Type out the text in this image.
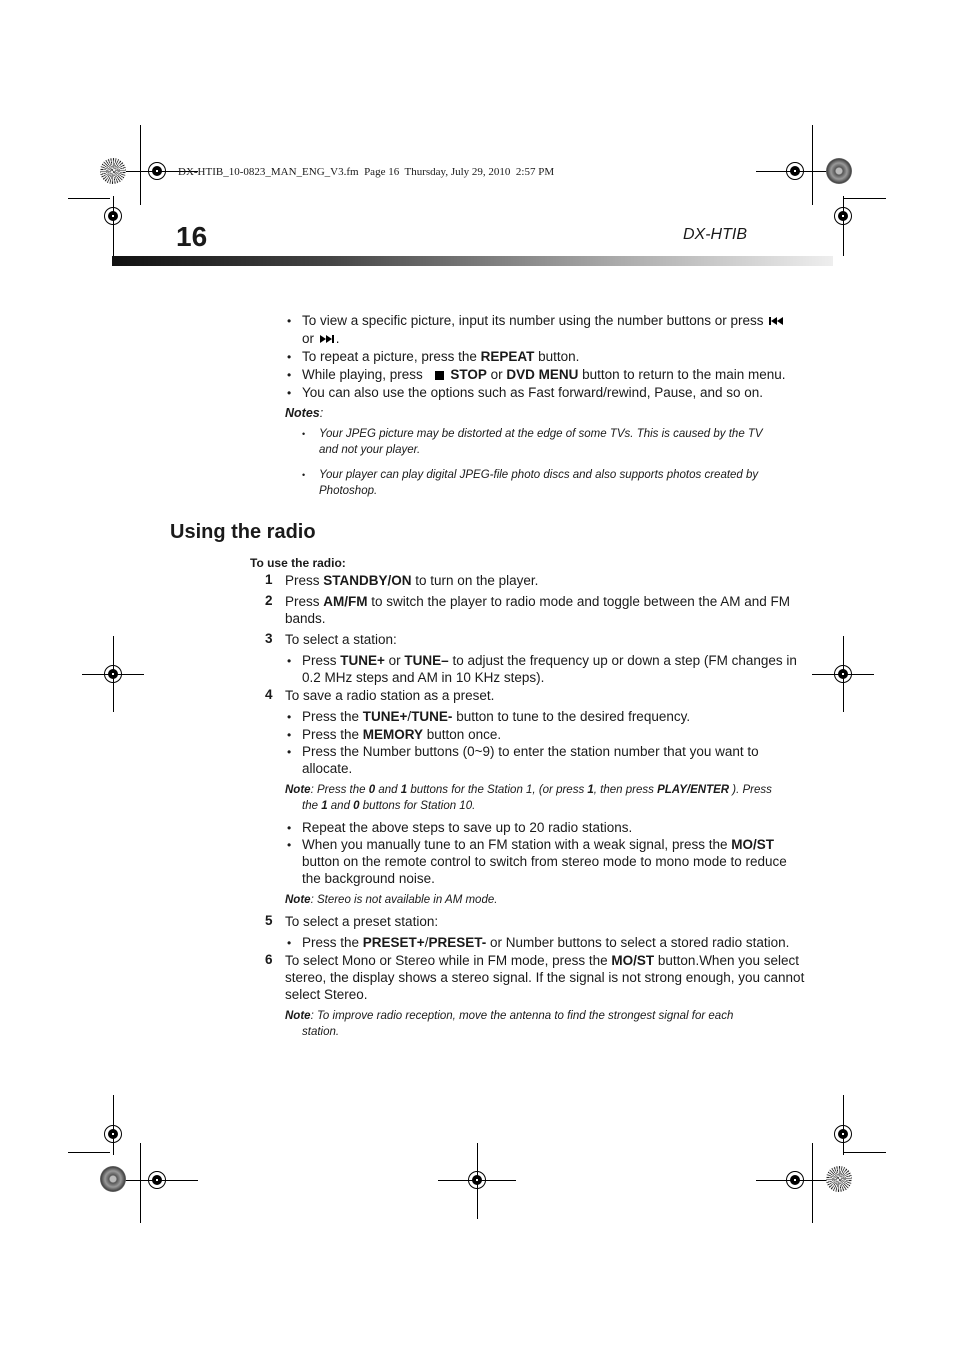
DX-HTIB_10-0823_MAN_ENG_V3.fm  Page 16  Thursday, July 29, 2010  2:57 PM
16	DX-HTIB
• To view a specific picture, input its number using the number buttons or press
or .
• To repeat a picture, press the REPEAT button.
• While playing, press STOP or DVD MENU button to return to the main menu.
• You can also use the options such as Fast forward/rewind, Pause, and so on.
Notes:
• Your JPEG picture may be distorted at the edge of some TVs. This is caused by the TV
and not your player.
• Your player can play digital JPEG-file photo discs and also supports photos created by
Photoshop.
Using the radio
To use the radio:
1 Press STANDBY/ON to turn on the player.
2 Press AM/FM to switch the player to radio mode and toggle between the AM and FM
bands.
3 To select a station:
• Press TUNE+ or TUNE– to adjust the frequency up or down a step (FM changes in
0.2 MHz steps and AM in 10 KHz steps).
4 To save a radio station as a preset.
• Press the TUNE+/TUNE- button to tune to the desired frequency.
• Press the MEMORY button once.
• Press the Number buttons (0~9) to enter the station number that you want to
allocate.
Note: Press the 0 and 1 buttons for the Station 1, (or press 1, then press PLAY/ENTER ). Press
the 1 and 0 buttons for Station 10.
• Repeat the above steps to save up to 20 radio stations.
• When you manually tune to an FM station with a weak signal, press the MO/ST
button on the remote control to switch from stereo mode to mono mode to reduce
the background noise.
Note: Stereo is not available in AM mode.
5 To select a preset station:
• Press the PRESET+/PRESET- or Number buttons to select a stored radio station.
6 To select Mono or Stereo while in FM mode, press the MO/ST button.When you select
stereo, the display shows a stereo signal. If the signal is not strong enough, you cannot
select Stereo.
Note: To improve radio reception, move the antenna to find the strongest signal for each
station.
